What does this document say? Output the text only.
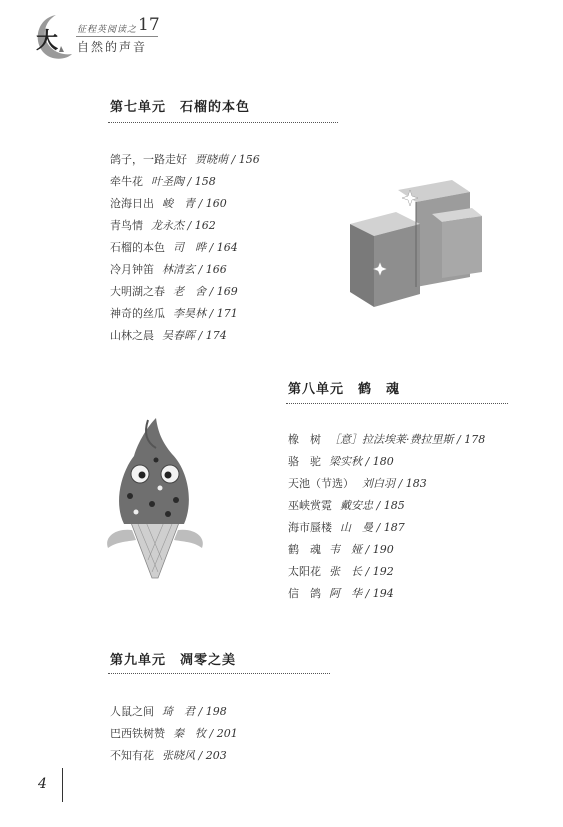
大 征程英阅读之 17
自然的声音
第七单元　石榴的本色
鸽子，一路走好 贾晓萌 / 156
牵牛花 叶圣陶 / 158
沧海日出 峻　青 / 160
青鸟情 龙永杰 / 162
石榴的本色 司　晔 / 164
冷月钟笛 林清玄 / 166
大明湖之春 老　舍 / 169
神奇的丝瓜 李昊林 / 171
山林之晨 吴春晖 / 174
第八单元　鹤　魂
橡　树 ［意］拉法埃莱·费拉里斯 / 178
骆　驼 梁实秋 / 180
天池（节选） 刘白羽 / 183
巫峡赏霓 戴安忠 / 185
海市蜃楼 山　曼 / 187
鹤　魂 韦　娅 / 190
太阳花 张　长 / 192
信　鸽 阿　华 / 194
第九单元　凋零之美
人鼠之间 琦　君 / 198
巴西铁树赞 秦　牧 / 201
不知有花 张晓风 / 203
4
